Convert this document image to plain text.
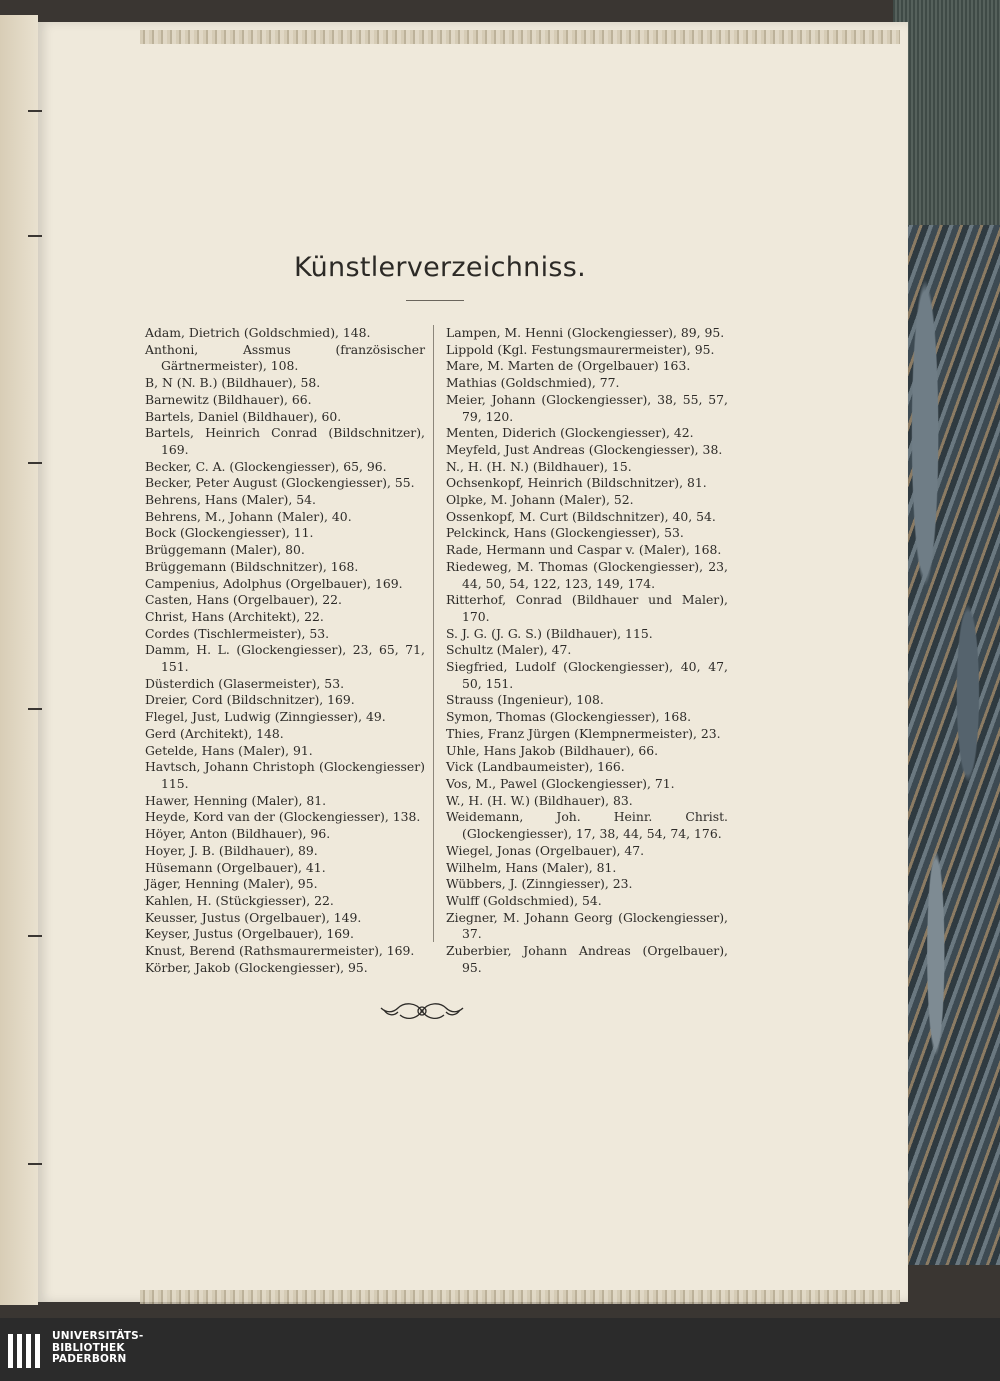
Künstlerverzeichniss.
Adam, Dietrich (Goldschmied), 148.
Anthoni, Assmus (französischer Gärtnermeister), 108.
B, N (N. B.) (Bildhauer), 58.
Barnewitz (Bildhauer), 66.
Bartels, Daniel (Bildhauer), 60.
Bartels, Heinrich Conrad (Bildschnitzer), 169.
Becker, C. A. (Glockengiesser), 65, 96.
Becker, Peter August (Glockengiesser), 55.
Behrens, Hans (Maler), 54.
Behrens, M., Johann (Maler), 40.
Bock (Glockengiesser), 11.
Brüggemann (Maler), 80.
Brüggemann (Bildschnitzer), 168.
Campenius, Adolphus (Orgelbauer), 169.
Casten, Hans (Orgelbauer), 22.
Christ, Hans (Architekt), 22.
Cordes (Tischlermeister), 53.
Damm, H. L. (Glockengiesser), 23, 65, 71, 151.
Düsterdich (Glasermeister), 53.
Dreier, Cord (Bildschnitzer), 169.
Flegel, Just, Ludwig (Zinngiesser), 49.
Gerd (Architekt), 148.
Getelde, Hans (Maler), 91.
Havtsch, Johann Christoph (Glockengiesser) 115.
Hawer, Henning (Maler), 81.
Heyde, Kord van der (Glockengiesser), 138.
Höyer, Anton (Bildhauer), 96.
Hoyer, J. B. (Bildhauer), 89.
Hüsemann (Orgelbauer), 41.
Jäger, Henning (Maler), 95.
Kahlen, H. (Stückgiesser), 22.
Keusser, Justus (Orgelbauer), 149.
Keyser, Justus (Orgelbauer), 169.
Knust, Berend (Rathsmaurermeister), 169.
Körber, Jakob (Glockengiesser), 95.
Lampen, M. Henni (Glockengiesser), 89, 95.
Lippold (Kgl. Festungsmaurermeister), 95.
Mare, M. Marten de (Orgelbauer) 163.
Mathias (Goldschmied), 77.
Meier, Johann (Glockengiesser), 38, 55, 57, 79, 120.
Menten, Diderich (Glockengiesser), 42.
Meyfeld, Just Andreas (Glockengiesser), 38.
N., H. (H. N.) (Bildhauer), 15.
Ochsenkopf, Heinrich (Bildschnitzer), 81.
Olpke, M. Johann (Maler), 52.
Ossenkopf, M. Curt (Bildschnitzer), 40, 54.
Pelckinck, Hans (Glockengiesser), 53.
Rade, Hermann und Caspar v. (Maler), 168.
Riedeweg, M. Thomas (Glockengiesser), 23, 44, 50, 54, 122, 123, 149, 174.
Ritterhof, Conrad (Bildhauer und Maler), 170.
S. J. G. (J. G. S.) (Bildhauer), 115.
Schultz (Maler), 47.
Siegfried, Ludolf (Glockengiesser), 40, 47, 50, 151.
Strauss (Ingenieur), 108.
Symon, Thomas (Glockengiesser), 168.
Thies, Franz Jürgen (Klempnermeister), 23.
Uhle, Hans Jakob (Bildhauer), 66.
Vick (Landbaumeister), 166.
Vos, M., Pawel (Glockengiesser), 71.
W., H. (H. W.) (Bildhauer), 83.
Weidemann, Joh. Heinr. Christ. (Glockengiesser), 17, 38, 44, 54, 74, 176.
Wiegel, Jonas (Orgelbauer), 47.
Wilhelm, Hans (Maler), 81.
Wübbers, J. (Zinngiesser), 23.
Wulff (Goldschmied), 54.
Ziegner, M. Johann Georg (Glockengiesser), 37.
Zuberbier, Johann Andreas (Orgelbauer), 95.
UNIVERSITÄTS-
BIBLIOTHEK
PADERBORN
